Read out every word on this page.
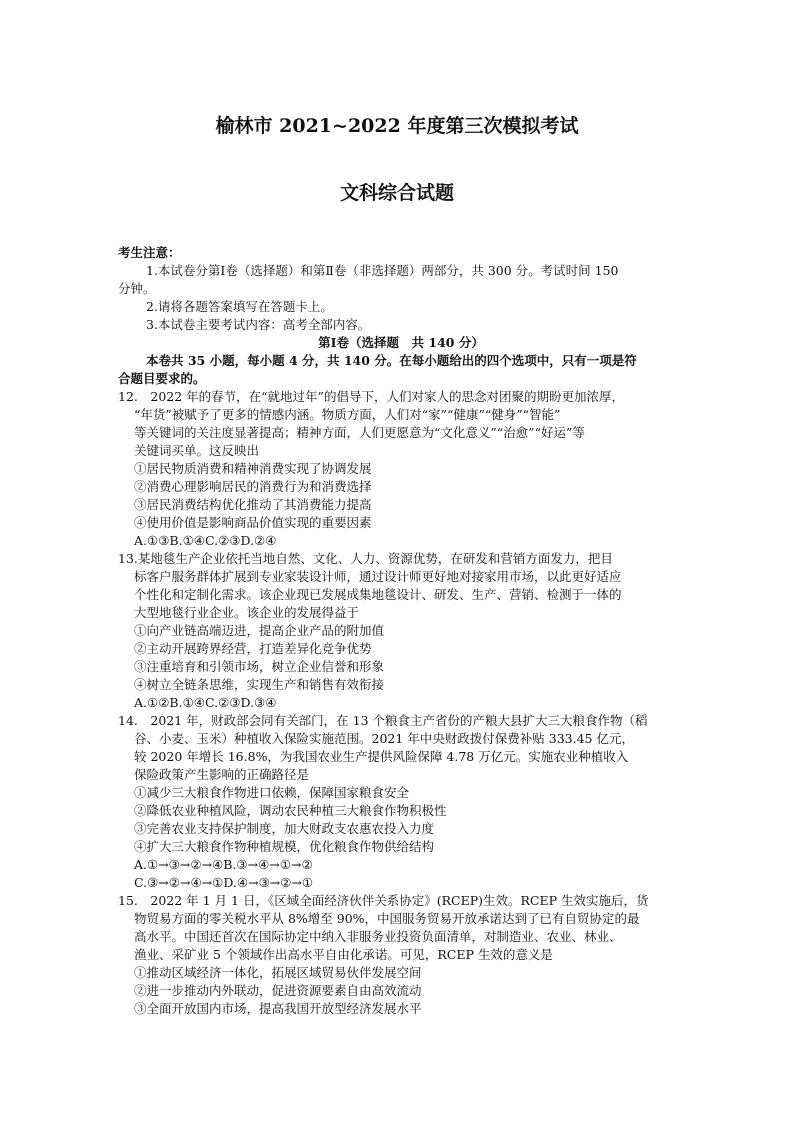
榆林市 2021~2022 年度第三次模拟考试
文科综合试题
考生注意：
1.本试卷分第Ⅰ卷（选择题）和第Ⅱ卷（非选择题）两部分，共 300 分。考试时间 150
分钟。
2.请将各题答案填写在答题卡上。
3.本试卷主要考试内容：高考全部内容。
第Ⅰ卷（选择题　共 140 分）
本卷共 35 小题，每小题 4 分，共 140 分。在每小题给出的四个选项中，只有一项是符
合题目要求的。
12.　2022 年的春节，在“就地过年”的倡导下，人们对家人的思念对团聚的期盼更加浓厚，
“年货”被赋予了更多的情感内涵。物质方面，人们对“家”“健康”“健身”“智能”
等关键词的关注度显著提高；精神方面，人们更愿意为“文化意义”“治愈”“好运”等
关键词买单。这反映出
①居民物质消费和精神消费实现了协调发展
②消费心理影响居民的消费行为和消费选择
③居民消费结构优化推动了其消费能力提高
④使用价值是影响商品价值实现的重要因素
A.①③B.①④C.②③D.②④
13.某地毯生产企业依托当地自然、文化、人力、资源优势，在研发和营销方面发力，把目
标客户服务群体扩展到专业家装设计师，通过设计师更好地对接家用市场，以此更好适应
个性化和定制化需求。该企业现已发展成集地毯设计、研发、生产、营销、检测于一体的
大型地毯行业企业。该企业的发展得益于
①向产业链高端迈进，提高企业产品的附加值
②主动开展跨界经营，打造差异化竞争优势
③注重培育和引领市场，树立企业信誉和形象
④树立全链条思维，实现生产和销售有效衔接
A.①②B.①④C.②③D.③④
14.　2021 年，财政部会同有关部门，在 13 个粮食主产省份的产粮大县扩大三大粮食作物（稻
谷、小麦、玉米）种植收入保险实施范围。2021 年中央财政拨付保费补贴 333.45 亿元，
较 2020 年增长 16.8%，为我国农业生产提供风险保障 4.78 万亿元。实施农业种植收入
保险政策产生影响的正确路径是
①减少三大粮食作物进口依赖，保障国家粮食安全
②降低农业种植风险，调动农民种植三大粮食作物积极性
③完善农业支持保护制度，加大财政支农惠农投入力度
④扩大三大粮食作物种植规模，优化粮食作物供给结构
A.①→③→②→④B.③→④→①→②
C.③→②→④→①D.④→③→②→①
15.　2022 年 1 月 1 日，《区域全面经济伙伴关系协定》(RCEP)生效。RCEP 生效实施后，货
物贸易方面的零关税水平从 8%增至 90%，中国服务贸易开放承诺达到了已有自贸协定的最
高水平。中国还首次在国际协定中纳入非服务业投资负面清单，对制造业、农业、林业、
渔业、采矿业 5 个领域作出高水平自由化承诺。可见，RCEP 生效的意义是
①推动区域经济一体化，拓展区域贸易伙伴发展空间
②进一步推动内外联动，促进资源要素自由高效流动
③全面开放国内市场，提高我国开放型经济发展水平
